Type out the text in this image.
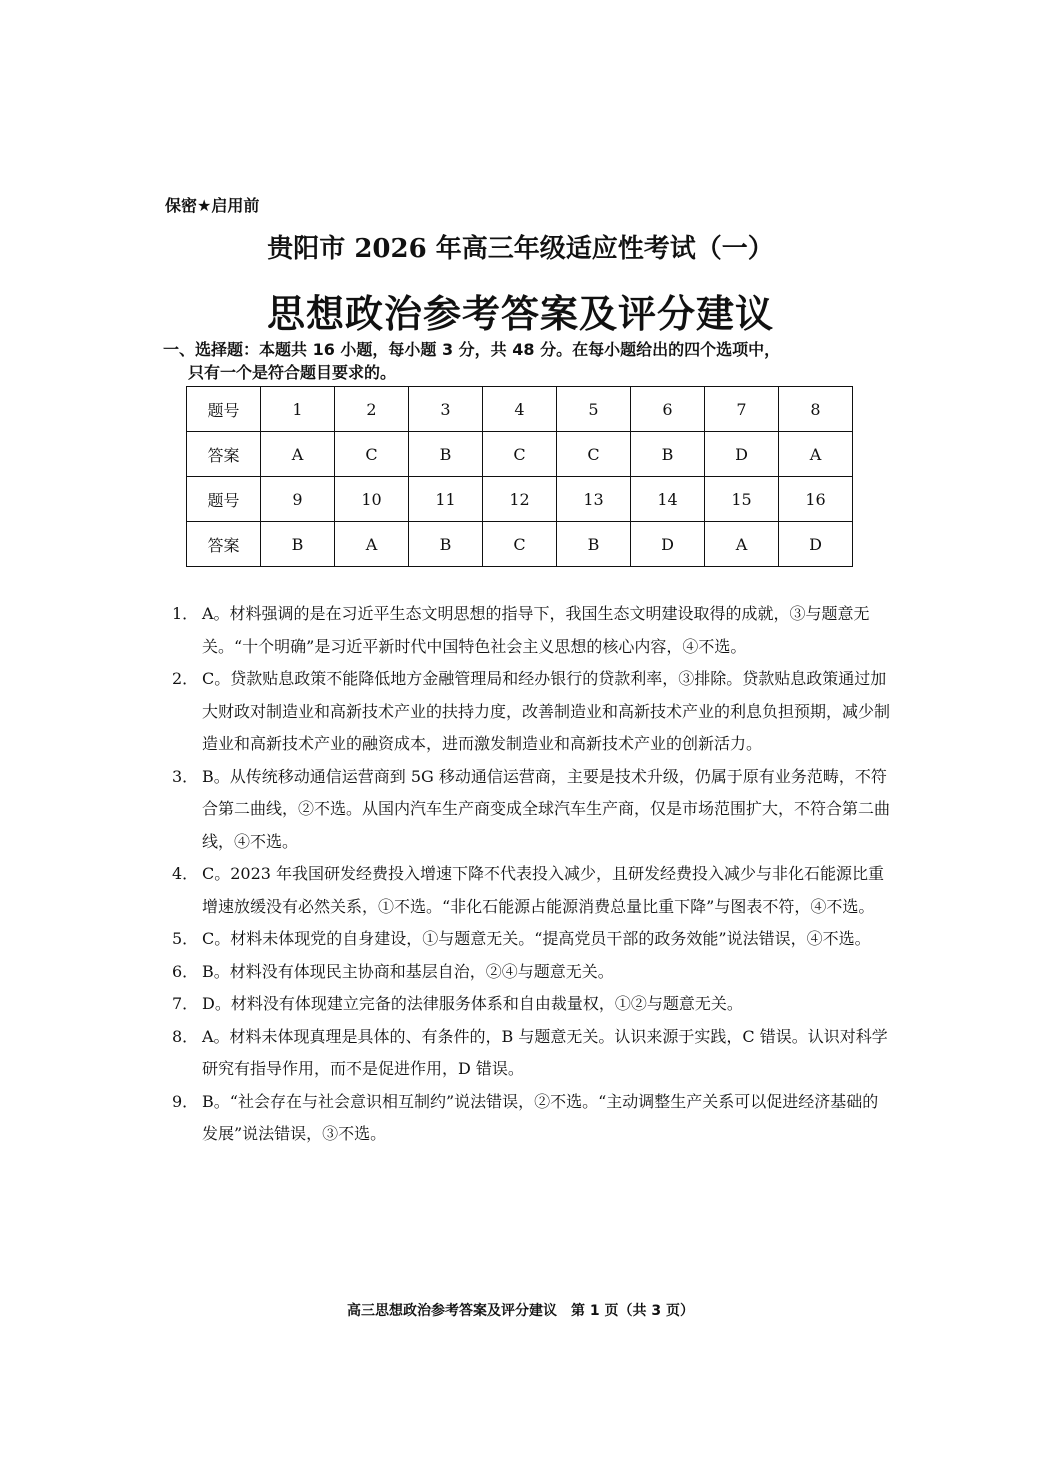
保密★启用前
贵阳市 2026 年高三年级适应性考试（一）
思想政治参考答案及评分建议
一、选择题：本题共 16 小题，每小题 3 分，共 48 分。在每小题给出的四个选项中，
只有一个是符合题目要求的。
题号	1	2	3	4	5	6	7	8
答案	A	C	B	C	C	B	D	A
题号	9	10	11	12	13	14	15	16
答案	B	A	B	C	B	D	A	D
1． A。材料强调的是在习近平生态文明思想的指导下，我国生态文明建设取得的成就，③与题意无关。“十个明确”是习近平新时代中国特色社会主义思想的核心内容，④不选。
2． C。贷款贴息政策不能降低地方金融管理局和经办银行的贷款利率，③排除。贷款贴息政策通过加大财政对制造业和高新技术产业的扶持力度，改善制造业和高新技术产业的利息负担预期，减少制造业和高新技术产业的融资成本，进而激发制造业和高新技术产业的创新活力。
3． B。从传统移动通信运营商到 5G 移动通信运营商，主要是技术升级，仍属于原有业务范畴，不符合第二曲线，②不选。从国内汽车生产商变成全球汽车生产商，仅是市场范围扩大，不符合第二曲线，④不选。
4． C。2023 年我国研发经费投入增速下降不代表投入减少，且研发经费投入减少与非化石能源比重增速放缓没有必然关系，①不选。“非化石能源占能源消费总量比重下降”与图表不符，④不选。
5． C。材料未体现党的自身建设，①与题意无关。“提高党员干部的政务效能”说法错误，④不选。
6． B。材料没有体现民主协商和基层自治，②④与题意无关。
7． D。材料没有体现建立完备的法律服务体系和自由裁量权，①②与题意无关。
8． A。材料未体现真理是具体的、有条件的，B 与题意无关。认识来源于实践，C 错误。认识对科学研究有指导作用，而不是促进作用，D 错误。
9． B。“社会存在与社会意识相互制约”说法错误，②不选。“主动调整生产关系可以促进经济基础的发展”说法错误，③不选。
高三思想政治参考答案及评分建议　第 1 页（共 3 页）
